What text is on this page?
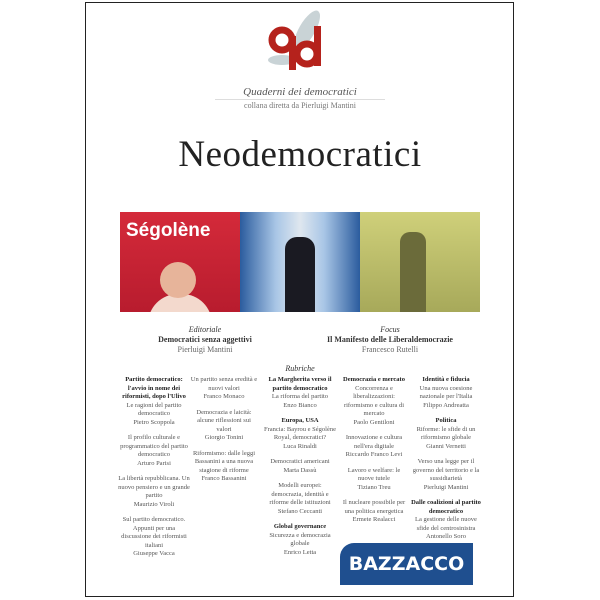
Quaderni dei democratici
collana diretta da Pierluigi Mantini
Neodemocratici
Ségolène
Editoriale
Democratici senza aggettivi
Pierluigi Mantini
Focus
Il Manifesto delle Liberaldemocrazie
Francesco Rutelli
Rubriche
Partito democratico: l'avvio in nome dei riformisti, dopo l'Ulivo
Le ragioni del partito democratico
Pietro Scoppola
Il profilo culturale e programmatico del partito democratico
Arturo Parisi
La libertà repubblicana. Un nuovo pensiero e un grande partito
Maurizio Viroli
Sul partito democratico. Appunti per una discussione dei riformisti italiani
Giuseppe Vacca
Un partito senza eredità e nuovi valori
Franco Monaco
Democrazia e laicità: alcune riflessioni sui valori
Giorgio Tonini
Riformismo: dalle leggi Bassanini a una nuova stagione di riforme
Franco Bassanini
La Margherita verso il partito democratico
La riforma del partito
Enzo Bianco
Europa, USA
Francia: Bayrou e Ségolène Royal, democratici?
Luca Rinaldi
Democratici americani
Marta Dassù
Modelli europei: democrazia, identità e riforme delle istituzioni
Stefano Ceccanti
Global governance
Sicurezza e democrazia globale
Enrico Letta
Democrazia e mercato
Concorrenza e liberalizzazioni: riformismo e cultura di mercato
Paolo Gentiloni
Innovazione e cultura nell'era digitale
Riccardo Franco Levi
Lavoro e welfare: le nuove tutele
Tiziano Treu
Il nucleare possibile per una politica energetica
Ermete Realacci
Identità e fiducia
Una nuova coesione nazionale per l'Italia
Filippo Andreatta
Politica
Riforme: le sfide di un riformismo globale
Gianni Vernetti
Verso una legge per il governo del territorio e la sussidiarietà
Pierluigi Mantini
Dalle coalizioni al partito democratico
La gestione delle nuove sfide del centrosinistra
Antonello Soro
BAZZACCO
